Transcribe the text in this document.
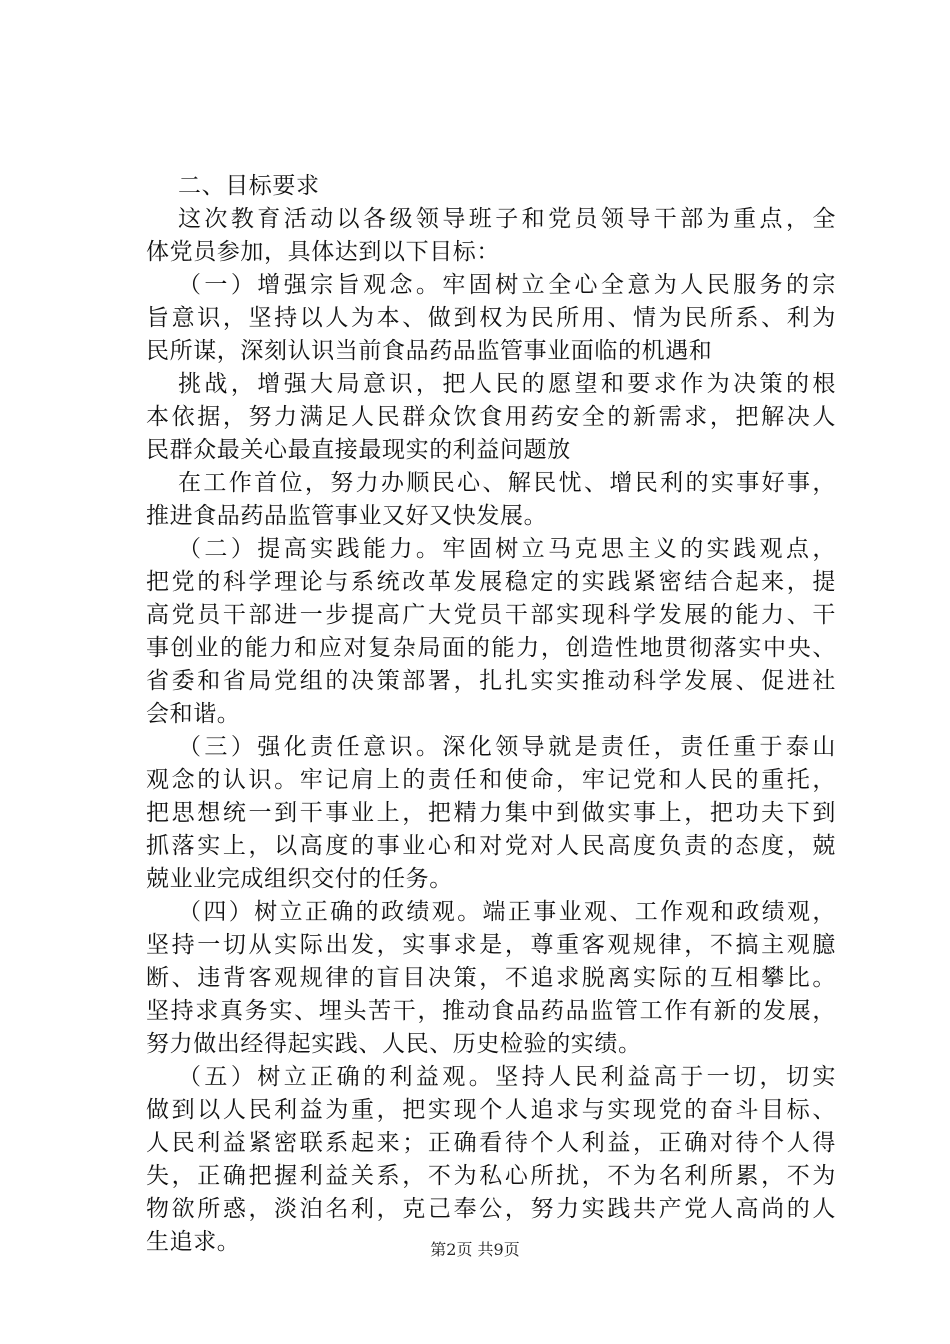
二、目标要求
这次教育活动以各级领导班子和党员领导干部为重点，全
体党员参加，具体达到以下目标：
（一）增强宗旨观念。牢固树立全心全意为人民服务的宗
旨意识，坚持以人为本、做到权为民所用、情为民所系、利为
民所谋，深刻认识当前食品药品监管事业面临的机遇和
挑战，增强大局意识，把人民的愿望和要求作为决策的根
本依据，努力满足人民群众饮食用药安全的新需求，把解决人
民群众最关心最直接最现实的利益问题放
在工作首位，努力办顺民心、解民忧、增民利的实事好事，
推进食品药品监管事业又好又快发展。
（二）提高实践能力。牢固树立马克思主义的实践观点，
把党的科学理论与系统改革发展稳定的实践紧密结合起来，提
高党员干部进一步提高广大党员干部实现科学发展的能力、干
事创业的能力和应对复杂局面的能力，创造性地贯彻落实中央、
省委和省局党组的决策部署，扎扎实实推动科学发展、促进社
会和谐。
（三）强化责任意识。深化领导就是责任，责任重于泰山
观念的认识。牢记肩上的责任和使命，牢记党和人民的重托，
把思想统一到干事业上，把精力集中到做实事上，把功夫下到
抓落实上，以高度的事业心和对党对人民高度负责的态度，兢
兢业业完成组织交付的任务。
（四）树立正确的政绩观。端正事业观、工作观和政绩观，
坚持一切从实际出发，实事求是，尊重客观规律，不搞主观臆
断、违背客观规律的盲目决策，不追求脱离实际的互相攀比。
坚持求真务实、埋头苦干，推动食品药品监管工作有新的发展，
努力做出经得起实践、人民、历史检验的实绩。
（五）树立正确的利益观。坚持人民利益高于一切，切实
做到以人民利益为重，把实现个人追求与实现党的奋斗目标、
人民利益紧密联系起来；正确看待个人利益，正确对待个人得
失，正确把握利益关系，不为私心所扰，不为名利所累，不为
物欲所惑，淡泊名利，克己奉公，努力实践共产党人高尚的人
生追求。	第2页 共9页
